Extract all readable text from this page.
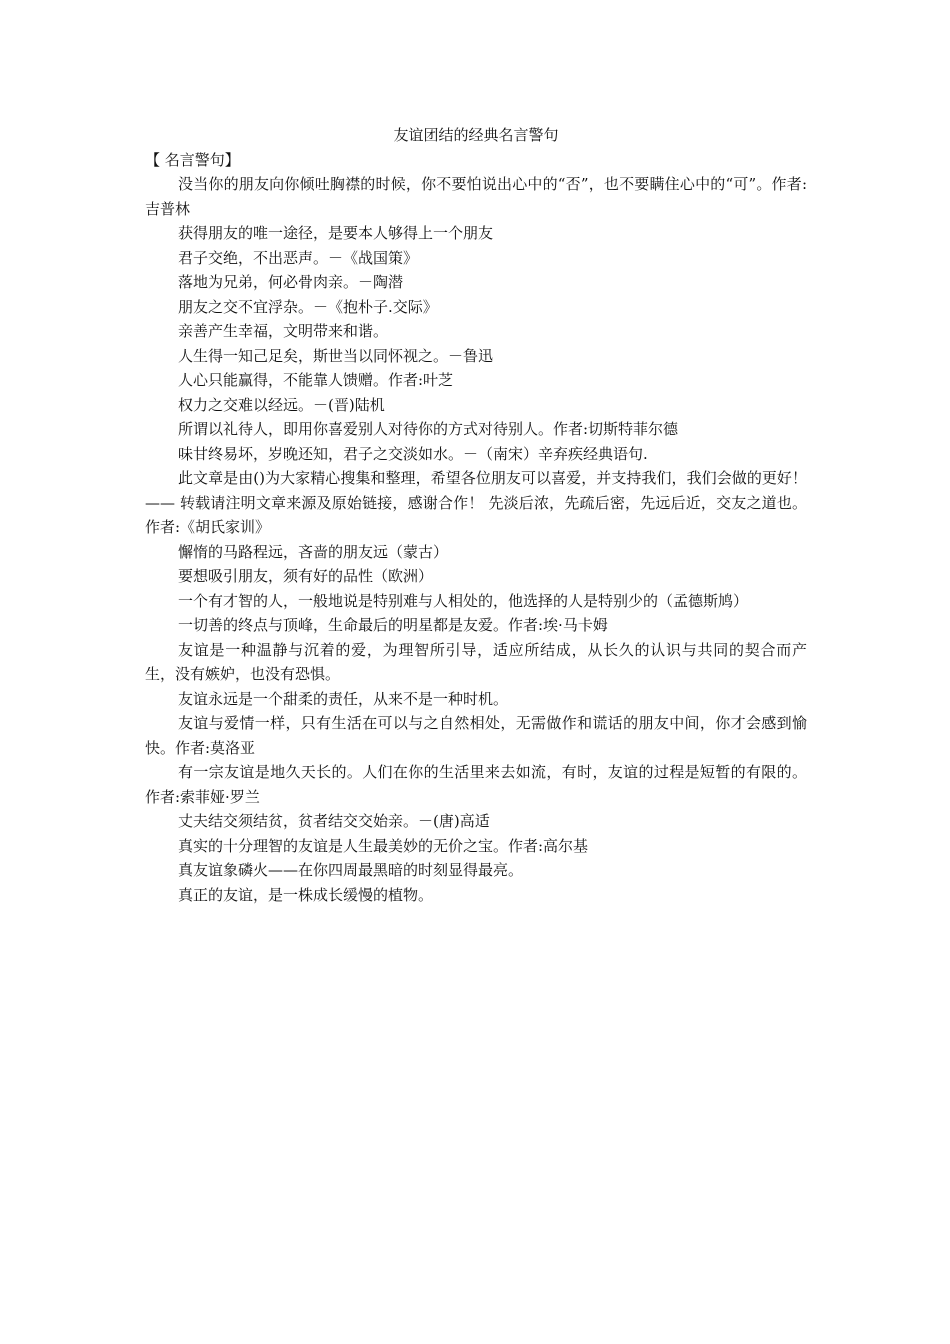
友谊团结的经典名言警句
【 名言警句】

没当你的朋友向你倾吐胸襟的时候，你不要怕说出心中的“否”，也不要瞒住心中的“可”。作者:吉普林

获得朋友的唯一途径，是要本人够得上一个朋友

君子交绝，不出恶声。－《战国策》

落地为兄弟，何必骨肉亲。－陶潜

朋友之交不宜浮杂。－《抱朴子.交际》

亲善产生幸福，文明带来和谐。

人生得一知己足矣，斯世当以同怀视之。－鲁迅

人心只能赢得，不能靠人馈赠。作者:叶芝

权力之交难以经远。－(晋)陆机

所谓以礼待人，即用你喜爱别人对待你的方式对待别人。作者:切斯特菲尔德

味甘终易坏，岁晚还知，君子之交淡如水。－（南宋）辛弃疾经典语句.

此文章是由()为大家精心搜集和整理，希望各位朋友可以喜爱，并支持我们，我们会做的更好！—— 转载请注明文章来源及原始链接，感谢合作！ 先淡后浓，先疏后密，先远后近，交友之道也。作者:《胡氏家训》

懈惰的马路程远，吝啬的朋友远（蒙古）

要想吸引朋友，须有好的品性（欧洲）

一个有才智的人，一般地说是特别难与人相处的，他选择的人是特别少的（孟德斯鸠）

一切善的终点与顶峰，生命最后的明星都是友爱。作者:埃·马卡姆

友谊是一种温静与沉着的爱，为理智所引导，适应所结成，从长久的认识与共同的契合而产生，没有嫉妒，也没有恐惧。

友谊永远是一个甜柔的责任，从来不是一种时机。

友谊与爱情一样，只有生活在可以与之自然相处，无需做作和谎话的朋友中间，你才会感到愉快。作者:莫洛亚

有一宗友谊是地久天长的。人们在你的生活里来去如流，有时，友谊的过程是短暂的有限的。作者:索菲娅·罗兰

丈夫结交须结贫，贫者结交交始亲。－(唐)高适

真实的十分理智的友谊是人生最美妙的无价之宝。作者:高尔基

真友谊象磷火——在你四周最黑暗的时刻显得最亮。

真正的友谊，是一株成长缓慢的植物。
